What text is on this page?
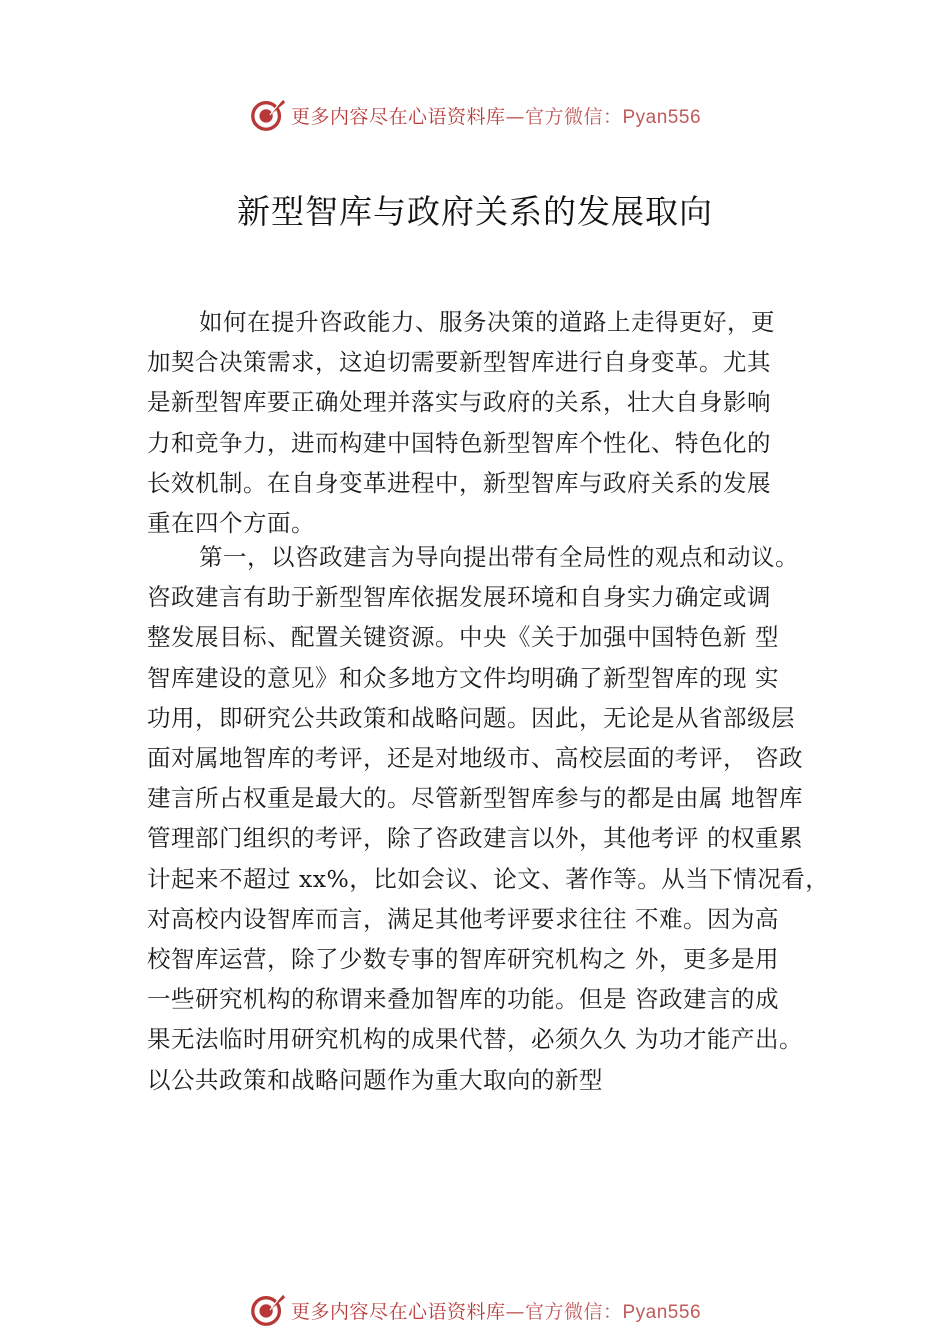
更多内容尽在心语资料库—官方微信：Pyan556
新型智库与政府关系的发展取向

如何在提升咨政能力、服务决策的道路上走得更好，更
加契合决策需求，这迫切需要新型智库进行自身变革。尤其
是新型智库要正确处理并落实与政府的关系，壮大自身影响
力和竞争力，进而构建中国特色新型智库个性化、特色化的
长效机制。在自身变革进程中，新型智库与政府关系的发展
重在四个方面。

第一，以咨政建言为导向提出带有全局性的观点和动议。
咨政建言有助于新型智库依据发展环境和自身实力确定或调
整发展目标、配置关键资源。中央《关于加强中国特色新 型
智库建设的意见》和众多地方文件均明确了新型智库的现 实
功用，即研究公共政策和战略问题。因此，无论是从省部级层
面对属地智库的考评，还是对地级市、高校层面的考评， 咨政
建言所占权重是最大的。尽管新型智库参与的都是由属 地智库
管理部门组织的考评，除了咨政建言以外，其他考评 的权重累
计起来不超过 xx%，比如会议、论文、著作等。从当下情况看，
对高校内设智库而言，满足其他考评要求往往 不难。因为高
校智库运营，除了少数专事的智库研究机构之 外，更多是用
一些研究机构的称谓来叠加智库的功能。但是 咨政建言的成
果无法临时用研究机构的成果代替，必须久久 为功才能产出。
以公共政策和战略问题作为重大取向的新型

更多内容尽在心语资料库—官方微信：Pyan556
